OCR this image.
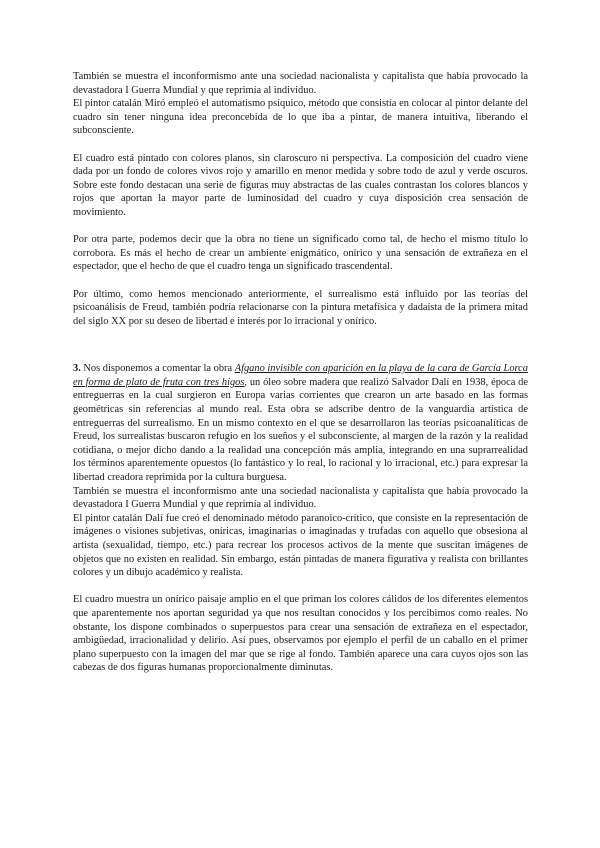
También se muestra el inconformismo ante una sociedad nacionalista y capitalista que había provocado la devastadora I Guerra Mundial y que reprimía al individuo.

El pintor catalán Miró empleó el automatismo psíquico, método que consistía en colocar al pintor delante del cuadro sin tener ninguna idea preconcebida de lo que iba a pintar, de manera intuitiva, liberando el subconsciente.

El cuadro está pintado con colores planos, sin claroscuro ni perspectiva. La composición del cuadro viene dada por un fondo de colores vivos rojo y amarillo en menor medida y sobre todo de azul y verde oscuros. Sobre este fondo destacan una serie de figuras muy abstractas de las cuales contrastan los colores blancos y rojos que aportan la mayor parte de luminosidad del cuadro y cuya disposición crea sensación de movimiento.

Por otra parte, podemos decir que la obra no tiene un significado como tal, de hecho el mismo título lo corrobora. Es más el hecho de crear un ambiente enigmático, onírico y una sensación de extrañeza en el espectador, que el hecho de que el cuadro tenga un significado trascendental.

Por último, como hemos mencionado anteriormente, el surrealismo está influido por las teorías del psicoanálisis de Freud, también podría relacionarse con la pintura metafísica y dadaísta de la primera mitad del siglo XX por su deseo de libertad e interés por lo irracional y onírico.

3. Nos disponemos a comentar la obra Afgano invisible con aparición en la playa de la cara de García Lorca en forma de plato de fruta con tres higos, un óleo sobre madera que realizó Salvador Dalí en 1938, época de entreguerras en la cual surgieron en Europa varias corrientes que crearon un arte basado en las formas geométricas sin referencias al mundo real. Esta obra se adscribe dentro de la vanguardia artística de entreguerras del surrealismo. En un mismo contexto en el que se desarrollaron las teorías psicoanalíticas de Freud, los surrealistas buscaron refugio en los sueños y el subconsciente, al margen de la razón y la realidad cotidiana, o mejor dicho dando a la realidad una concepción más amplia, integrando en una suprarrealidad los términos aparentemente opuestos (lo fantástico y lo real, lo racional y lo irracional, etc.) para expresar la libertad creadora reprimida por la cultura burguesa.

También se muestra el inconformismo ante una sociedad nacionalista y capitalista que había provocado la devastadora I Guerra Mundial y que reprimía al individuo.

El pintor catalán Dalí fue creó el denominado método paranoico-crítico, que consiste en la representación de imágenes o visiones subjetivas, oníricas, imaginarias o imaginadas y trufadas con aquello que obsesiona al artista (sexualidad, tiempo, etc.) para recrear los procesos activos de la mente que suscitan imágenes de objetos que no existen en realidad. Sin embargo, están pintadas de manera figurativa y realista con brillantes colores y un dibujo académico y realista.

El cuadro muestra un onírico paisaje amplio en el que priman los colores cálidos de los diferentes elementos que aparentemente nos aportan seguridad ya que nos resultan conocidos y los percibimos como reales. No obstante, los dispone combinados o superpuestos para crear una sensación de extrañeza en el espectador, ambigüedad, irracionalidad y delirio. Así pues, observamos por ejemplo el perfil de un caballo en el primer plano superpuesto con la imagen del mar que se rige al fondo. También aparece una cara cuyos ojos son las cabezas de dos figuras humanas proporcionalmente diminutas.
